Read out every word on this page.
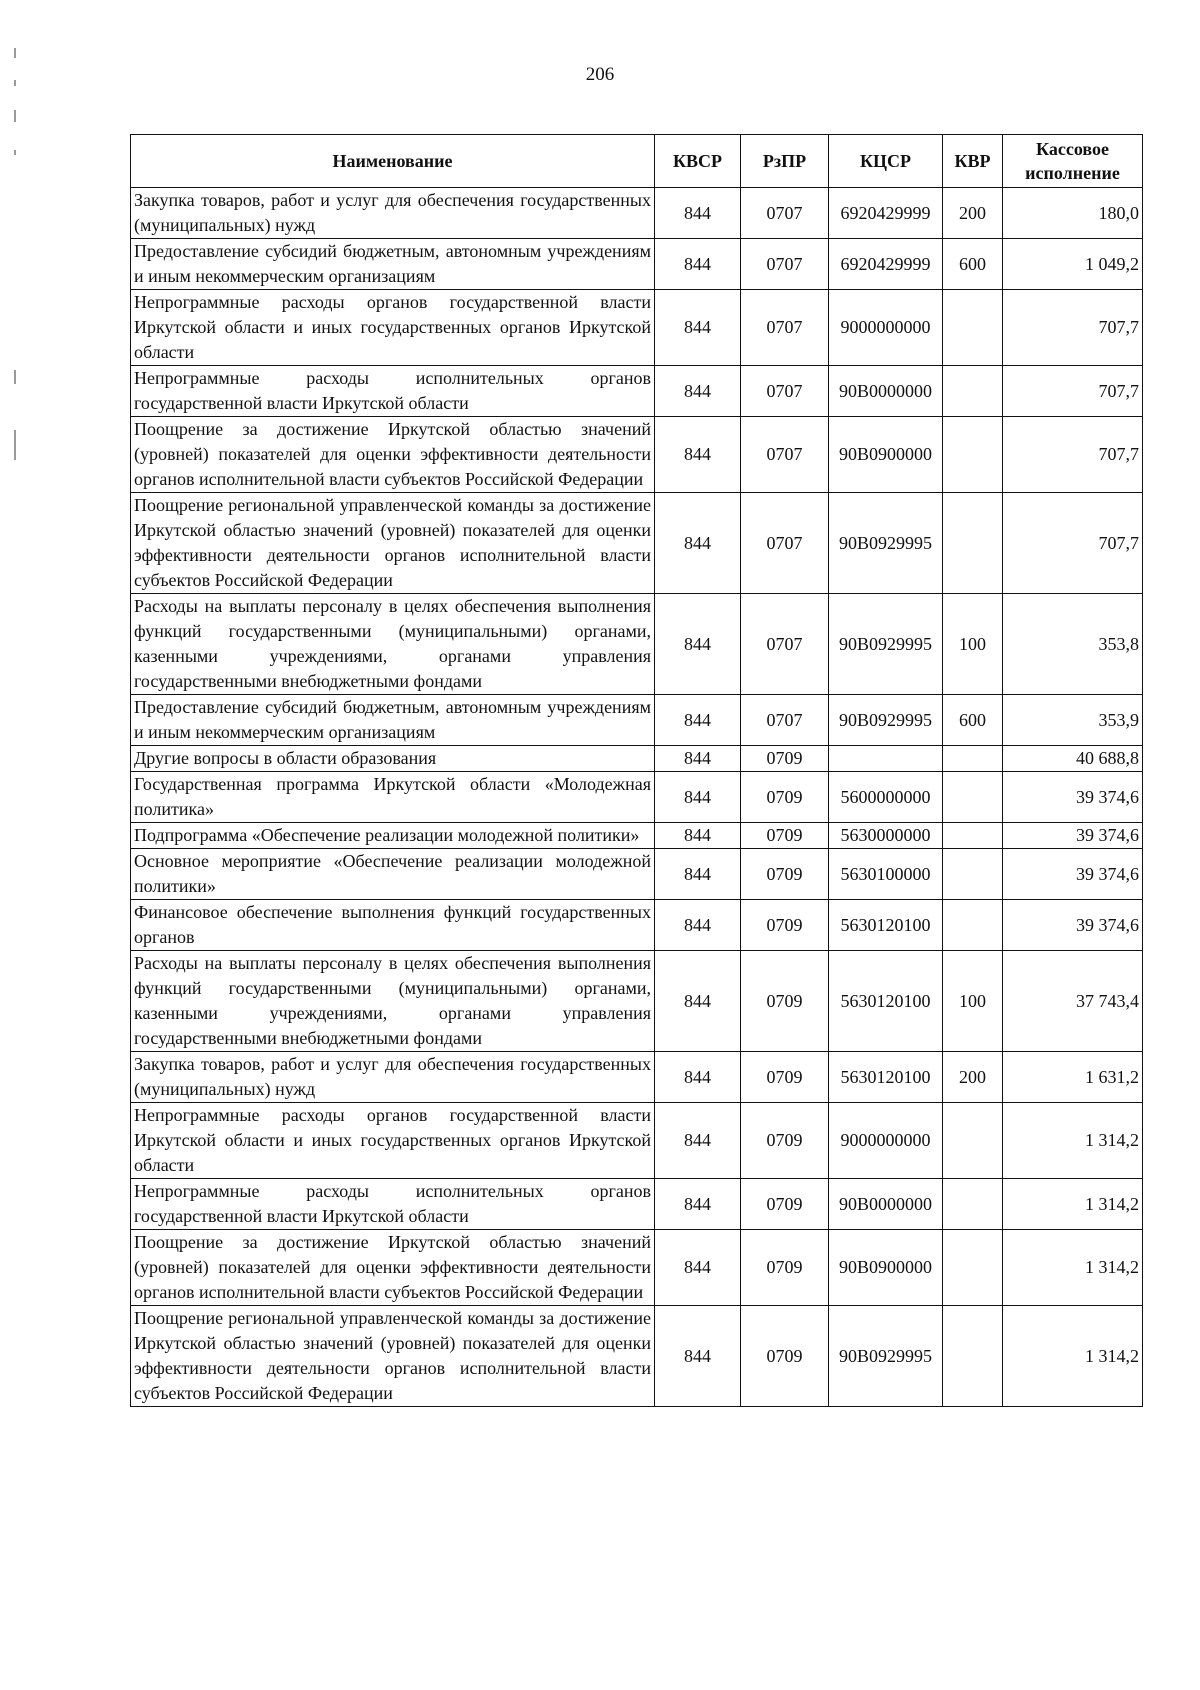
206
Наименование	КВСР	РзПР	КЦСР	КВР	Кассовое исполнение
Закупка товаров, работ и услуг для обеспечения государственных (муниципальных) нужд	844	0707	6920429999	200	180,0
Предоставление субсидий бюджетным, автономным учреждениям и иным некоммерческим организациям	844	0707	6920429999	600	1 049,2
Непрограммные расходы органов государственной власти Иркутской области и иных государственных органов Иркутской области	844	0707	9000000000		707,7
Непрограммные расходы исполнительных органов государственной власти Иркутской области	844	0707	90В0000000		707,7
Поощрение за достижение Иркутской областью значений (уровней) показателей для оценки эффективности деятельности органов исполнительной власти субъектов Российской Федерации	844	0707	90В0900000		707,7
Поощрение региональной управленческой команды за достижение Иркутской областью значений (уровней) показателей для оценки эффективности деятельности органов исполнительной власти субъектов Российской Федерации	844	0707	90В0929995		707,7
Расходы на выплаты персоналу в целях обеспечения выполнения функций государственными (муниципальными) органами, казенными учреждениями, органами управления государственными внебюджетными фондами	844	0707	90В0929995	100	353,8
Предоставление субсидий бюджетным, автономным учреждениям и иным некоммерческим организациям	844	0707	90В0929995	600	353,9
Другие вопросы в области образования	844	0709			40 688,8
Государственная программа Иркутской области «Молодежная политика»	844	0709	5600000000		39 374,6
Подпрограмма «Обеспечение реализации молодежной политики»	844	0709	5630000000		39 374,6
Основное мероприятие «Обеспечение реализации молодежной политики»	844	0709	5630100000		39 374,6
Финансовое обеспечение выполнения функций государственных органов	844	0709	5630120100		39 374,6
Расходы на выплаты персоналу в целях обеспечения выполнения функций государственными (муниципальными) органами, казенными учреждениями, органами управления государственными внебюджетными фондами	844	0709	5630120100	100	37 743,4
Закупка товаров, работ и услуг для обеспечения государственных (муниципальных) нужд	844	0709	5630120100	200	1 631,2
Непрограммные расходы органов государственной власти Иркутской области и иных государственных органов Иркутской области	844	0709	9000000000		1 314,2
Непрограммные расходы исполнительных органов государственной власти Иркутской области	844	0709	90В0000000		1 314,2
Поощрение за достижение Иркутской областью значений (уровней) показателей для оценки эффективности деятельности органов исполнительной власти субъектов Российской Федерации	844	0709	90В0900000		1 314,2
Поощрение региональной управленческой команды за достижение Иркутской областью значений (уровней) показателей для оценки эффективности деятельности органов исполнительной власти субъектов Российской Федерации	844	0709	90В0929995		1 314,2
